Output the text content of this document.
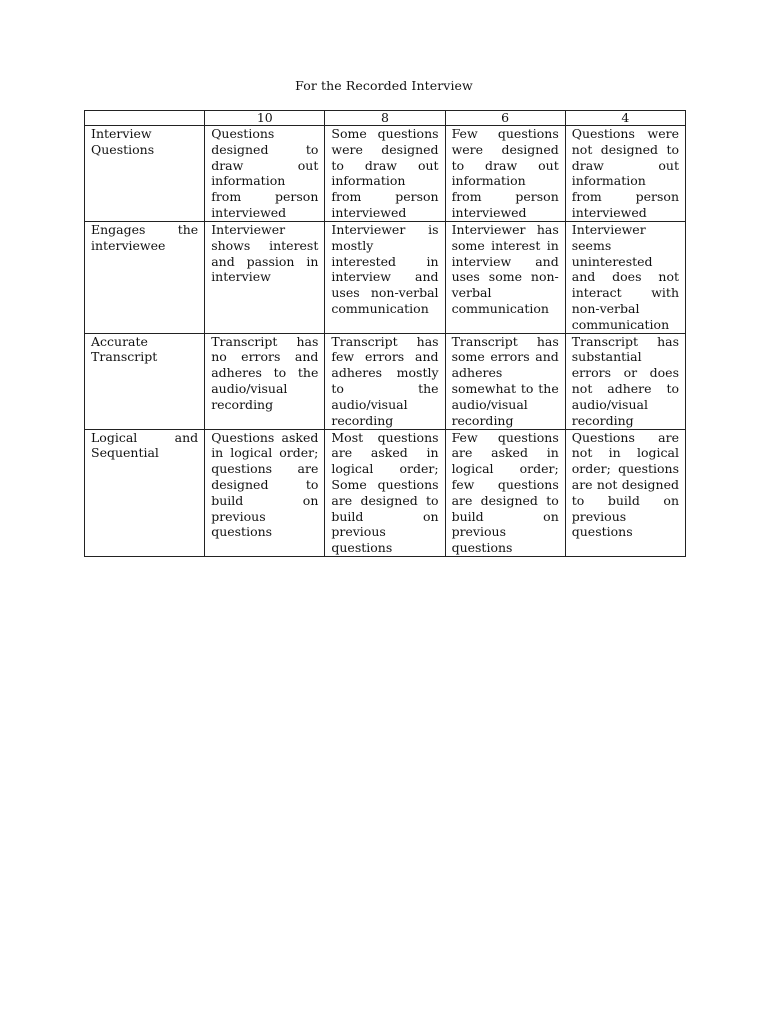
For the Recorded Interview
	10	8	6	4

Interview Questions	Questions designed to draw out information from person interviewed	Some questions were designed to draw out information from person interviewed	Few questions were designed to draw out information from person interviewed	Questions were not designed to draw out information from person interviewed

Engages the interviewee	Interviewer shows interest and passion in interview	Interviewer is mostly interested in interview and uses non-verbal communication	Interviewer has some interest in interview and uses some non-verbal communication	Interviewer seems uninterested and does not interact with non-verbal communication

Accurate Transcript	Transcript has no errors and adheres to the audio/visual recording	Transcript has few errors and adheres mostly to the audio/visual recording	Transcript has some errors and adheres somewhat to the audio/visual recording	Transcript has substantial errors or does not adhere to audio/visual recording

Logical and Sequential	Questions asked in logical order; questions are designed to build on previous questions	Most questions are asked in logical order; Some questions are designed to build on previous questions	Few questions are asked in logical order; few questions are designed to build on previous questions	Questions are not in logical order; questions are not designed to build on previous questions
